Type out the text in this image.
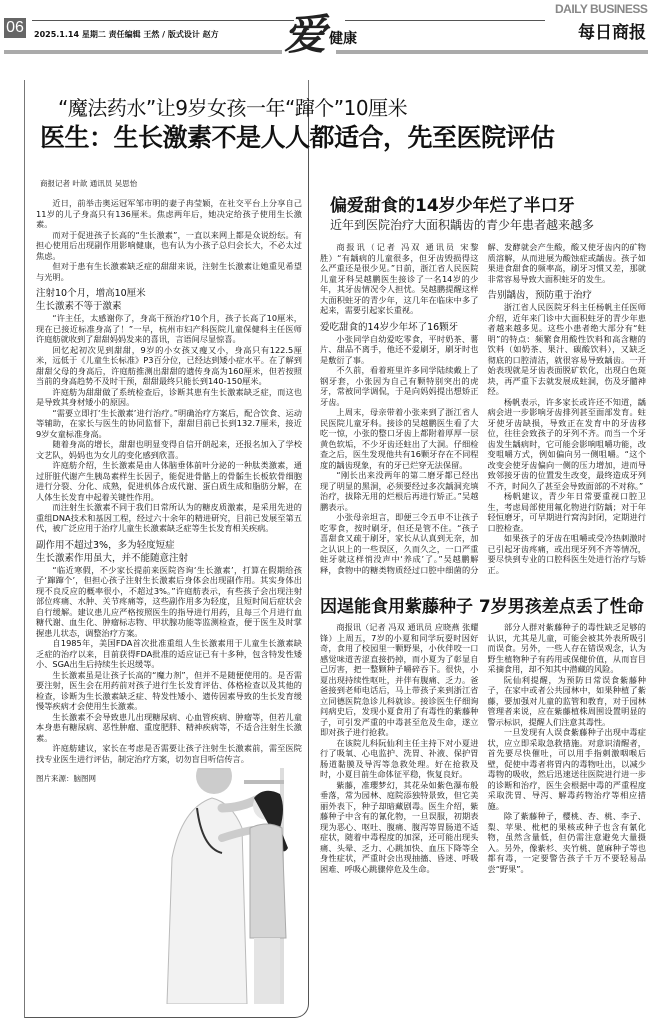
06 2025.1.14 星期二 责任编辑 王然 / 版式设计 赵方 爱 健康
DAILY BUSINESS
每日商报
“魔法药水”让9岁女孩一年“蹿个”10厘米
医生：生长激素不是人人都适合，先至医院评估
商报记者 叶歆 通讯员 吴思怡

近日，前举击奥运冠军邹市明的妻子冉莹颖，在社交平台上分享自己11岁的儿子身高只有136厘米。焦虑两年后，她决定给孩子使用生长激素。

而对于促进孩子长高的“生长激素”，一直以来网上都是众说纷纭。有担心使用后出现副作用影响健康，也有认为小孩子总归会长大，不必太过焦虑。

但对于患有生长激素缺乏症的甜甜来说，注射生长激素让她重见希望与光明。

注射10个月，增高10厘米
生长激素不等于激素

“许主任，太感谢你了，身高干预治疗10个月，孩子长高了10厘米，现在已接近标准身高了！”一早，杭州市妇产科医院儿童保健科主任医师许庭舫就收到了甜甜妈妈发来的喜讯，言语间尽显惊喜。

回忆起初次见到甜甜，9岁的小女孩又瘦又小，身高只有122.5厘米，远低于《儿童生长标准》P3百分位，已经达到矮小症水平。在了解到甜甜父母的身高后，许庭舫推测出甜甜的遗传身高为160厘米，但若按照当前的身高趋势不及时干预，甜甜最终只能长到140-150厘米。

许庭舫为甜甜做了系统检查后，诊断其患有生长激素缺乏症，而这也是导致其身材矮小的原因。

“需要立即打‘生长激素’进行治疗。”明确治疗方案后，配合饮食、运动等辅助，在家长与医生的协同监督下，甜甜目前已长到132.7厘米，接近9岁女童标准身高。

随着身高的增长，甜甜也明显变得自信开朗起来，还报名加入了学校文艺队，妈妈也为女儿的变化感到欣喜。

许庭舫介绍，生长激素是由人体脑垂体前叶分泌的一种肽类激素，通过肝脏代谢产生胰岛素样生长因子，能促进骨骼上的骨骺生长板软骨细胞进行分裂、分化、成熟，促进机体合成代谢、蛋白质生成和脂肪分解，在人体生长发育中起着关键性作用。

而注射生长激素不同于我们日常所认为的糖皮质激素，是采用先进的重组DNA技术和基因工程，经过六十余年的精进研究，目前已发展至第五代，被广泛应用于治疗儿童生长激素缺乏症等生长发育相关疾病。

副作用不超过3%，多为轻度短症
生长激素作用虽大，并不能随意注射

“临近寒假，不少家长提前来医院咨询‘生长激素’，打算在假期给孩子‘蹿蹿个’，但担心孩子注射生长激素后身体会出现副作用。其实身体出现不良反应的概率很小，不超过3%。”许庭舫表示，有些孩子会出现注射部位疼痛、水肿、关节疼痛等，这些副作用多为轻度，且短时间后症状会自行缓解。建议患儿应严格按照医生的指导进行用药，且每三个月进行血糖代谢、血生化、肿瘤标志物、甲状腺功能等监测检查，便于医生及时掌握患儿状态，调整治疗方案。

自1985年，美国FDA首次批准重组人生长激素用于儿童生长激素缺乏症的治疗以来，目前获得FDA批准的适应证已有十多种，包含特发性矮小、SGA出生后持续生长迟缓等。

生长激素虽是让孩子长高的“魔力剂”，但并不是随便使用的。是否需要注射，医生会在用药前对孩子进行生长发育评估、体格检查以及其他的检查，诊断为生长激素缺乏症、特发性矮小、遗传因素导致的生长发育缓慢等疾病才会使用生长激素。

生长激素不会导致患儿出现糖尿病、心血管疾病、肿瘤等，但若儿童本身患有糖尿病、恶性肿瘤、重度肥胖、精神疾病等，不适合注射生长激素。

许庭舫建议，家长在考虑是否需要让孩子注射生长激素前，需至医院找专业医生进行评估，制定治疗方案，切勿盲目听信传言。

图片来源：脑图网

偏爱甜食的14岁少年烂了半口牙
近年到医院治疗大面积龋齿的青少年患者越来越多

商报讯（记者 冯双 通讯员 宋黎胜）“有龋病的儿童很多，但牙齿毁损得这么严重还是很少见。”日前，浙江省人民医院儿童牙科吴越鹏医生接诊了一名14岁的少年，其牙齿情况令人担忧。吴越鹏提醒这样大面积蛀牙的青少年，这几年在临床中多了起来，需要引起家长重视。

爱吃甜食的14岁少年坏了16颗牙

小张同学自幼爱吃零食，平时奶茶、薯片、甜品不离手，他还不爱刷牙，刷牙时也是敷衍了事。

不久前，看着班里许多同学陆续戴上了钢牙套，小张因为自己有颗特别突出的虎牙，常被同学调侃，于是向妈妈提出想矫正牙齿。

上周末，母亲带着小张来到了浙江省人民医院儿童牙科。接诊的吴越鹏医生看了大吃一惊，小张的整口牙齿上都附着厚厚一层黄色软垢，不少牙齿还蛀出了大洞。仔细检查之后，医生发现他共有16颗牙存在不同程度的龋齿现象，有的牙已烂穿无法保留。

“刚长出来没两年的第二磨牙都已经出现了明显的黑洞，必须要经过多次龋洞充填治疗，拔除无用的烂根后再进行矫正。”吴越鹏表示。

小张母亲坦言，即便三令五申不让孩子吃零食，按时刷牙，但还是管不住。“孩子喜甜食又疏于刷牙，家长从认真到无奈，加之认识上的一些误区，久而久之，一口严重蛀牙就这样悄没声中‘养成’了。”吴越鹏解释，食物中的糖类物质经过口腔中细菌的分解、发酵就会产生酸，酸又使牙齿内的矿物质溶解，从而进展为酸蚀症或龋齿。孩子如果进食甜食的频率高，刷牙习惯又差，那就非常容易导致大面积蛀牙的发生。

告别龋齿，预防重于治疗

浙江省人民医院牙科主任杨帆主任医师介绍，近年来门诊中大面积蛀牙的青少年患者越来越多见。这些小患者绝大部分有“蛀明”的特点：频繁食用酸性饮料和高含糖的饮料（如奶茶、果汁、碳酸饮料），又缺乏彻底的口腔清洁，就很容易导致龋齿。一开始表现就是牙齿表面脱矿软化，出现白色斑块，再严重下去就发展成蛀洞，伤及牙髓神经。

杨帆表示，许多家长或许还不知道，龋病会进一步影响牙齿排列甚至面部发育。蛀牙使牙齿缺损，导致正在发育中的牙齿移位，往往会致孩子的牙列不齐。而当一个牙齿发生龋病时，它可能会影响咀嚼功能，改变咀嚼方式，例如偏向另一侧咀嚼。“这个改变会使牙齿偏向一侧的压力增加，进而导致邻接牙齿的位置发生改变，最终造成牙列不齐，时间久了甚至会导致面部的不对称。”

杨帆建议，青少年日常要重视口腔卫生，考虑局部使用氟化物进行防龋；对于年轻恒磨牙，可早期进行窝沟封闭，定期进行口腔检查。

如果孩子的牙齿在咀嚼或受冷热刺激时已引起牙齿疼痛，或出现牙列不齐等情况，要尽快到专业的口腔科医生处进行治疗与矫正。

因逞能食用紫藤种子 7岁男孩差点丢了性命

商报讯（记者 冯双 通讯员 应晓燕 张耀锋）上周五，7岁的小夏和同学玩耍时因好奇，食用了校园里一颗野果，小伙伴咬一口感觉味道苦涩直接扔掉，而小夏为了彰显自己厉害，把一整颗种子嚼碎吞下。很快，小夏出现持续性呕吐，并伴有腹痛、乏力。爸爸接到老师电话后，马上带孩子来到浙江省立同德医院急诊儿科就诊。接诊医生仔细询问病史后，发现小夏食用了有毒性的紫藤种子，可引发严重的中毒甚至危及生命，遂立即对孩子进行抢救。

在该院儿科阮仙利主任主持下对小夏进行了吸氧、心电监护、洗胃、补液、保护胃肠道黏膜及导泻等急救处理。好在抢救及时，小夏目前生命体征平稳，恢复良好。

紫藤，准瓔梦幻，其花朵如紫色瀑布般垂落，常为园林、庭院添独特景致，但它美丽外表下，种子却暗藏剧毒。医生介绍，紫藤种子中含有的氰化物，一旦误服，初期表现为恶心、呕吐、腹痛、腹泻等胃肠道不适症状，随着中毒程度的加深，还可能出现头痛、头晕、乏力、心跳加快、血压下降等全身性症状，严重时会出现抽搐、昏迷、呼吸困难、呼吸心跳骤停危及生命。

部分人群对紫藤种子的毒性缺乏足够的认识，尤其是儿童，可能会被其外表所吸引而误食。另外，一些人存在错误观念，认为野生植物种子有药用或保健价值，从而盲目采摘食用，却不知其中潜藏的风险。

阮仙利提醒，为预防日常误食紫藤种子，在家中或者公共园林中，如果种植了紫藤，要加强对儿童的监管和教育，对于园林管理者来说，应在紫藤植株周围设置明显的警示标识，提醒人们注意其毒性。

一旦发现有人误食紫藤种子出现中毒症状，应立即采取急救措施。对意识清醒者，首先要尽快催吐，可以用手指刺激咽喉后壁，促使中毒者将胃内的毒物吐出，以减少毒物的吸收，然后迅速送往医院进行进一步的诊断和治疗，医生会根据中毒的严重程度采取洗胃、导泻、解毒药物治疗等相应措施。

除了紫藤种子，樱桃、杏、桃、李子、梨、苹果、枇杷的果核或种子也含有氰化物，虽然含量低，但仍需注意避免大量摄入。另外，像紫杉、夹竹桃、蓖麻种子等也都有毒，一定要警告孩子千万不要轻易品尝“野果”。
